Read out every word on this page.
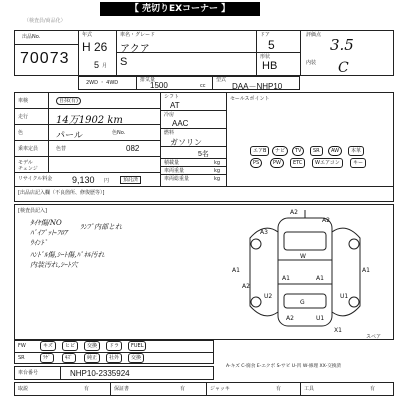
【 売切りEXコーナー 】
（検査員/商品化）
出品No.
70073
年式
H 26
5 月
車名・グレード
アクア
S
ドア
5
形状
HB
評価点
3.5
内装 C
2WD ・ 4WD	排気量
1500	cc
型式
DAA－NHP10
車検	自抹(有)
走行	14万1902 km
色	パール	色No.
乗車定員	色替	082
モデル
チェンジ
リサイクル料金 9,130 円	預託済
シフト
AT
冷房
AAC
燃料
ガソリン
5名
積載量	kg
車両重量	kg
車両総重量	kg
セールスポイント
エアB	ナビ	TV	SR	AW	本革
PS	PW	ETC	Wエアコン	キー
[出品店記入欄（不良箇所、修復歴等）]
[検査員記入]
ﾀｲﾔ傷/NO
ﾊﾞｲﾌﾟｯﾄ-ﾌﾛｱ
ﾗﾝﾌﾟ内部とれ
ｳｲﾝﾄﾞ
ﾊﾝﾄﾞﾙ傷,ｼｰﾄ傷,ﾊﾟﾈﾙ汚れ
内装汚れ,ｼｰﾄ穴
A3
A2
A2
A1	A1
A2
U2	U1
A1
W
A1
G
A2	U1
X1
スペア
FW	キズ	ヒビ	交換	ドラ	FUEL
SR	ﾗｹﾞ	ｷｽﾞ	純正	社外	交換
車台番号	NHP10-2335924
A-キズ C-腐食 E-エクボ S-サビ U-凹 W-修理 XX-交換済
取説	有	保証書	有	ジャッキ	有	工具	有
